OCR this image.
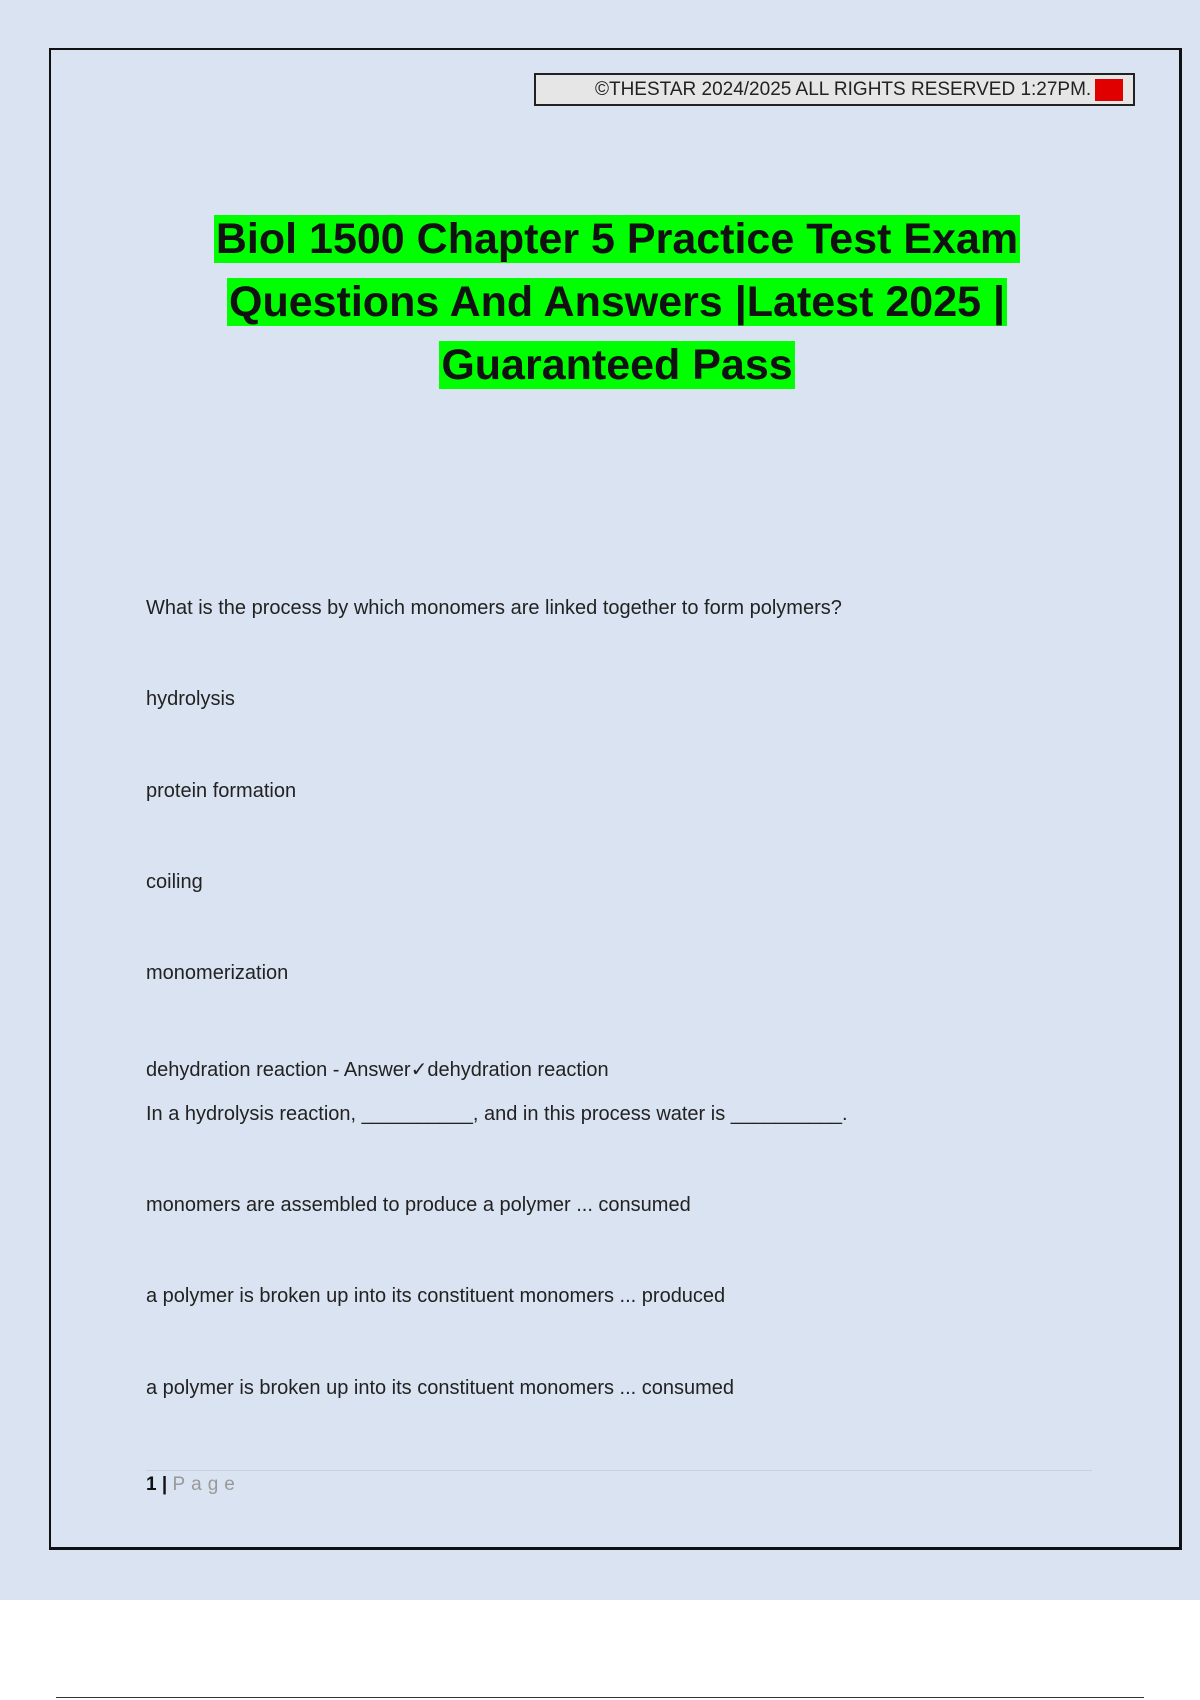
©THESTAR 2024/2025 ALL RIGHTS RESERVED 1:27PM. A+
Biol 1500 Chapter 5 Practice Test Exam
Questions And Answers |Latest 2025 |
Guaranteed Pass
What is the process by which monomers are linked together to form polymers?
hydrolysis
protein formation
coiling
monomerization
dehydration reaction - Answer✓dehydration reaction
In a hydrolysis reaction, __________, and in this process water is __________.
monomers are assembled to produce a polymer ... consumed
a polymer is broken up into its constituent monomers ... produced
a polymer is broken up into its constituent monomers ... consumed
1 | Page
